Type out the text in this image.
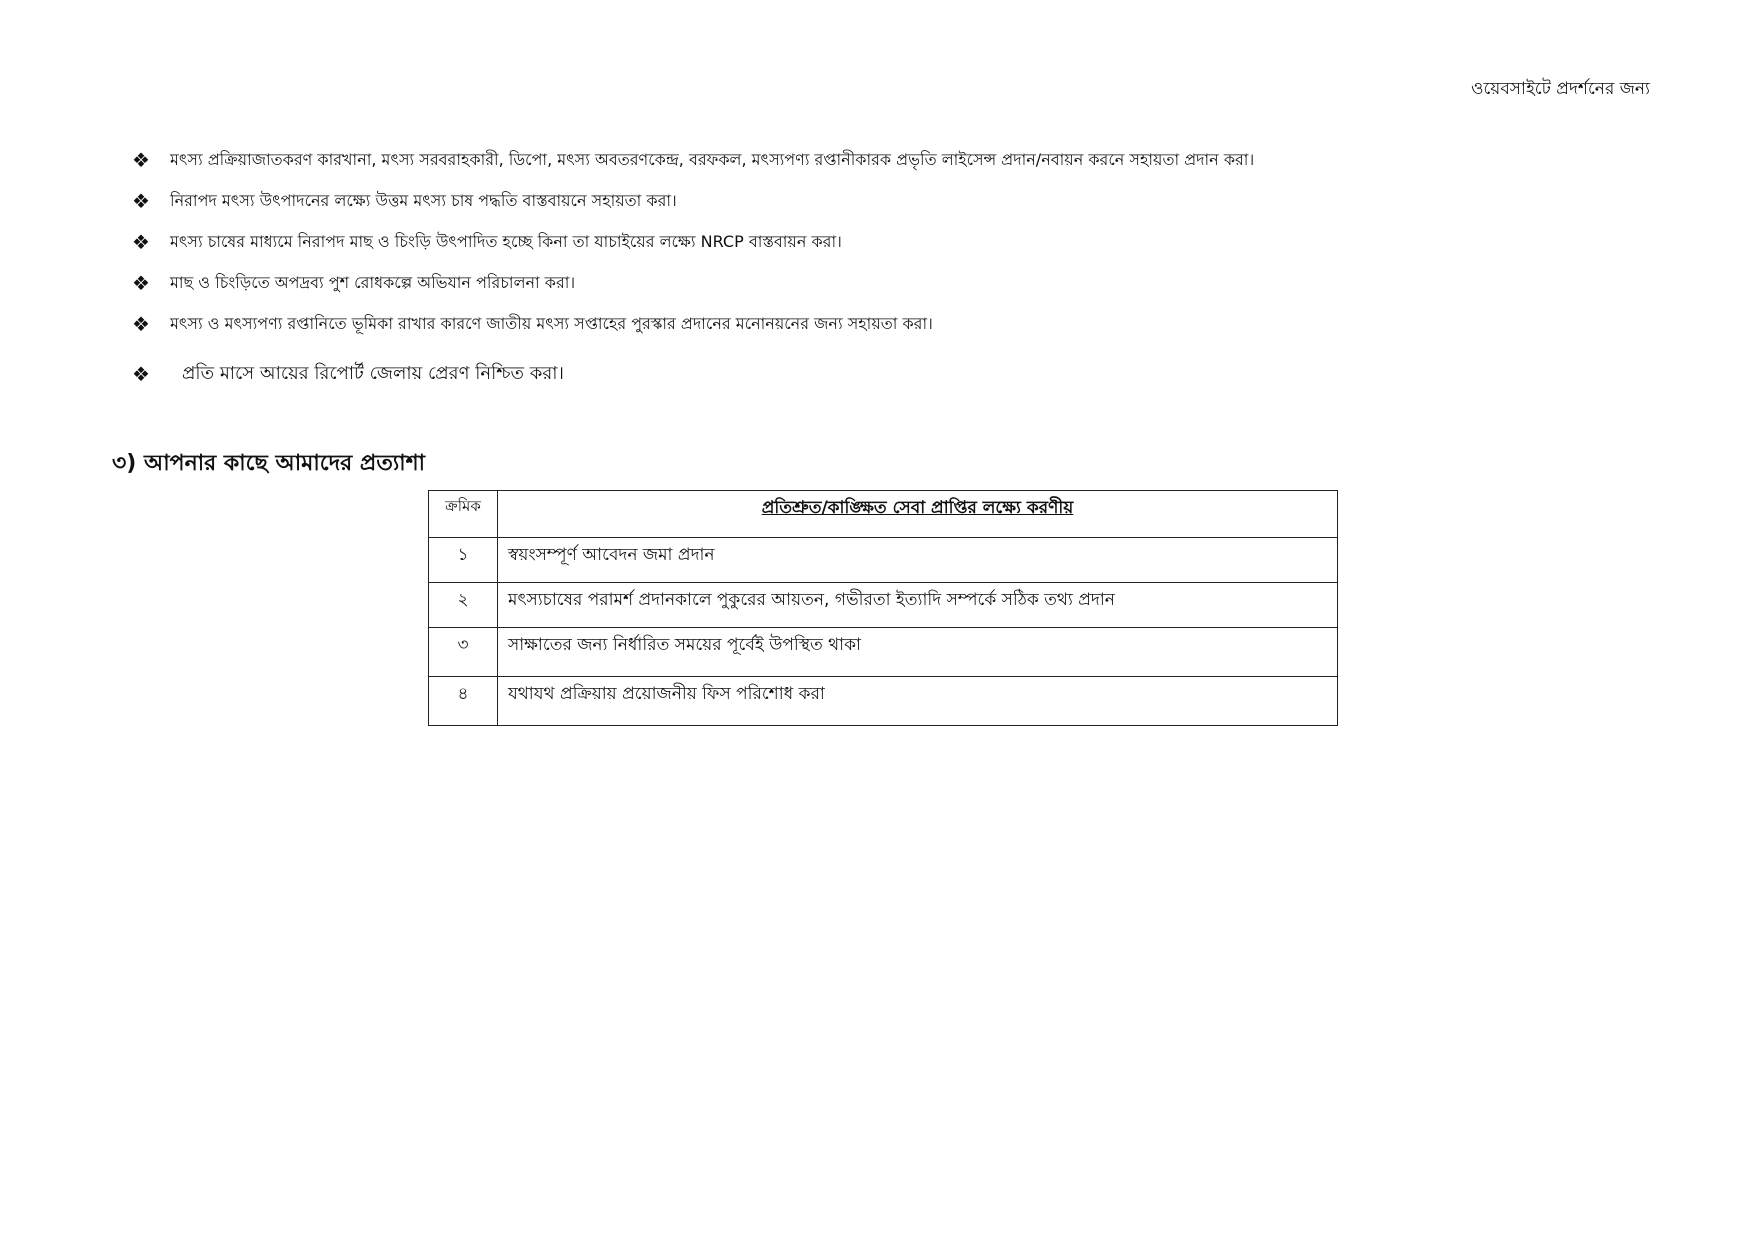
ওয়েবসাইটে প্রদর্শনের জন্য
❖ মৎস্য প্রক্রিয়াজাতকরণ কারখানা, মৎস্য সরবরাহকারী, ডিপো, মৎস্য অবতরণকেন্দ্র, বরফকল, মৎস্যপণ্য রপ্তানীকারক প্রভৃতি লাইসেন্স প্রদান/নবায়ন করনে সহায়তা প্রদান করা।
❖ নিরাপদ মৎস্য উৎপাদনের লক্ষ্যে উত্তম মৎস্য চাষ পদ্ধতি বাস্তবায়নে সহায়তা করা।
❖ মৎস্য চাষের মাধ্যমে নিরাপদ মাছ ও চিংড়ি উৎপাদিত হচ্ছে কিনা তা যাচাইয়ের লক্ষ্যে NRCP বাস্তবায়ন করা।
❖ মাছ ও চিংড়িতে অপদ্রব্য পুশ রোধকল্পে অভিযান পরিচালনা করা।
❖ মৎস্য ও মৎস্যপণ্য রপ্তানিতে ভূমিকা রাখার কারণে জাতীয় মৎস্য সপ্তাহের পুরস্কার প্রদানের মনোনয়নের জন্য সহায়তা করা।
❖ প্রতি মাসে আয়ের রিপোর্ট জেলায় প্রেরণ নিশ্চিত করা।
৩) আপনার কাছে আমাদের প্রত্যাশা
ক্রমিক	প্রতিশ্রুত/কাঙ্ক্ষিত সেবা প্রাপ্তির লক্ষ্যে করণীয়
১	স্বয়ংসম্পূর্ণ আবেদন জমা প্রদান
২	মৎস্যচাষের পরামর্শ প্রদানকালে পুকুরের আয়তন, গভীরতা ইত্যাদি সম্পর্কে সঠিক তথ্য প্রদান
৩	সাক্ষাতের জন্য নির্ধারিত সময়ের পূর্বেই উপস্থিত থাকা
৪	যথাযথ প্রক্রিয়ায় প্রয়োজনীয় ফিস পরিশোধ করা
